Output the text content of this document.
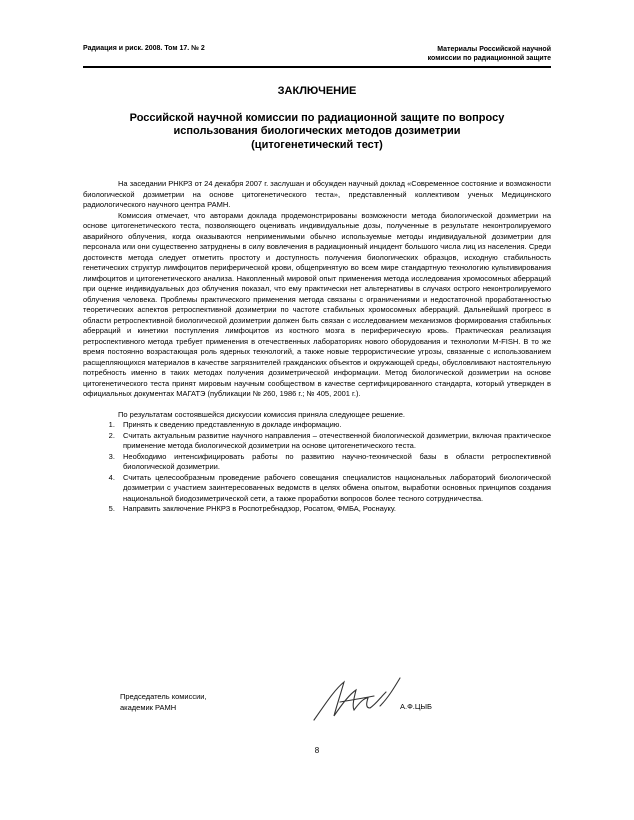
Радиация и риск. 2008. Том 17. № 2	Материалы Российской научной
комиссии по радиационной защите
ЗАКЛЮЧЕНИЕ
Российской научной комиссии по радиационной защите по вопросу
использования биологических методов дозиметрии
(цитогенетический тест)

На заседании РНКРЗ от 24 декабря 2007 г. заслушан и обсужден научный доклад «Современное состояние и возможности биологической дозиметрии на основе цитогенетического теста», представленный коллективом ученых Медицинского радиологического научного центра РАМН.

Комиссия отмечает, что авторами доклада продемонстрированы возможности метода биологической дозиметрии на основе цитогенетического теста, позволяющего оценивать индивидуальные дозы, полученные в результате неконтролируемого аварийного облучения, когда оказываются неприменимыми обычно используемые методы индивидуальной дозиметрии для персонала или они существенно затруднены в силу вовлечения в радиационный инцидент большого числа лиц из населения. Среди достоинств метода следует отметить простоту и доступность получения биологических образцов, исходную стабильность генетических структур лимфоцитов периферической крови, общепринятую во всем мире стандартную технологию культивирования лимфоцитов и цитогенетического анализа. Накопленный мировой опыт применения метода исследования хромосомных аберраций при оценке индивидуальных доз облучения показал, что ему практически нет альтернативы в случаях острого неконтролируемого облучения человека. Проблемы практического применения метода связаны с ограничениями и недостаточной проработанностью теоретических аспектов ретроспективной дозиметрии по частоте стабильных хромосомных аберраций. Дальнейший прогресс в области ретроспективной биологической дозиметрии должен быть связан с исследованием механизмов формирования стабильных аберраций и кинетики поступления лимфоцитов из костного мозга в периферическую кровь. Практическая реализация ретроспективного метода требует применения в отечественных лабораториях нового оборудования и технологии M-FISH. В то же время постоянно возрастающая роль ядерных технологий, а также новые террористические угрозы, связанные с использованием расщепляющихся материалов в качестве загрязнителей гражданских объектов и окружающей среды, обусловливают настоятельную потребность именно в таких методах получения дозиметрической информации. Метод биологической дозиметрии на основе цитогенетического теста принят мировым научным сообществом в качестве сертифицированного стандарта, который утвержден в официальных документах МАГАТЭ (публикации № 260, 1986 г.; № 405, 2001 г.).

По результатам состоявшейся дискуссии комиссия приняла следующее решение.

1. Принять к сведению представленную в докладе информацию.
2. Считать актуальным развитие научного направления – отечественной биологической дозиметрии, включая практическое применение метода биологической дозиметрии на основе цитогенетического теста.
3. Необходимо интенсифицировать работы по развитию научно-технической базы в области ретроспективной биологической дозиметрии.
4. Считать целесообразным проведение рабочего совещания специалистов национальных лабораторий биологической дозиметрии с участием заинтересованных ведомств в целях обмена опытом, выработки основных принципов создания национальной биодозиметрической сети, а также проработки вопросов более тесного сотрудничества.
5. Направить заключение РНКРЗ в Роспотребнадзор, Росатом, ФМБА, Роснауку.
Председатель комиссии,
академик РАМН	А.Ф.ЦЫБ
8
